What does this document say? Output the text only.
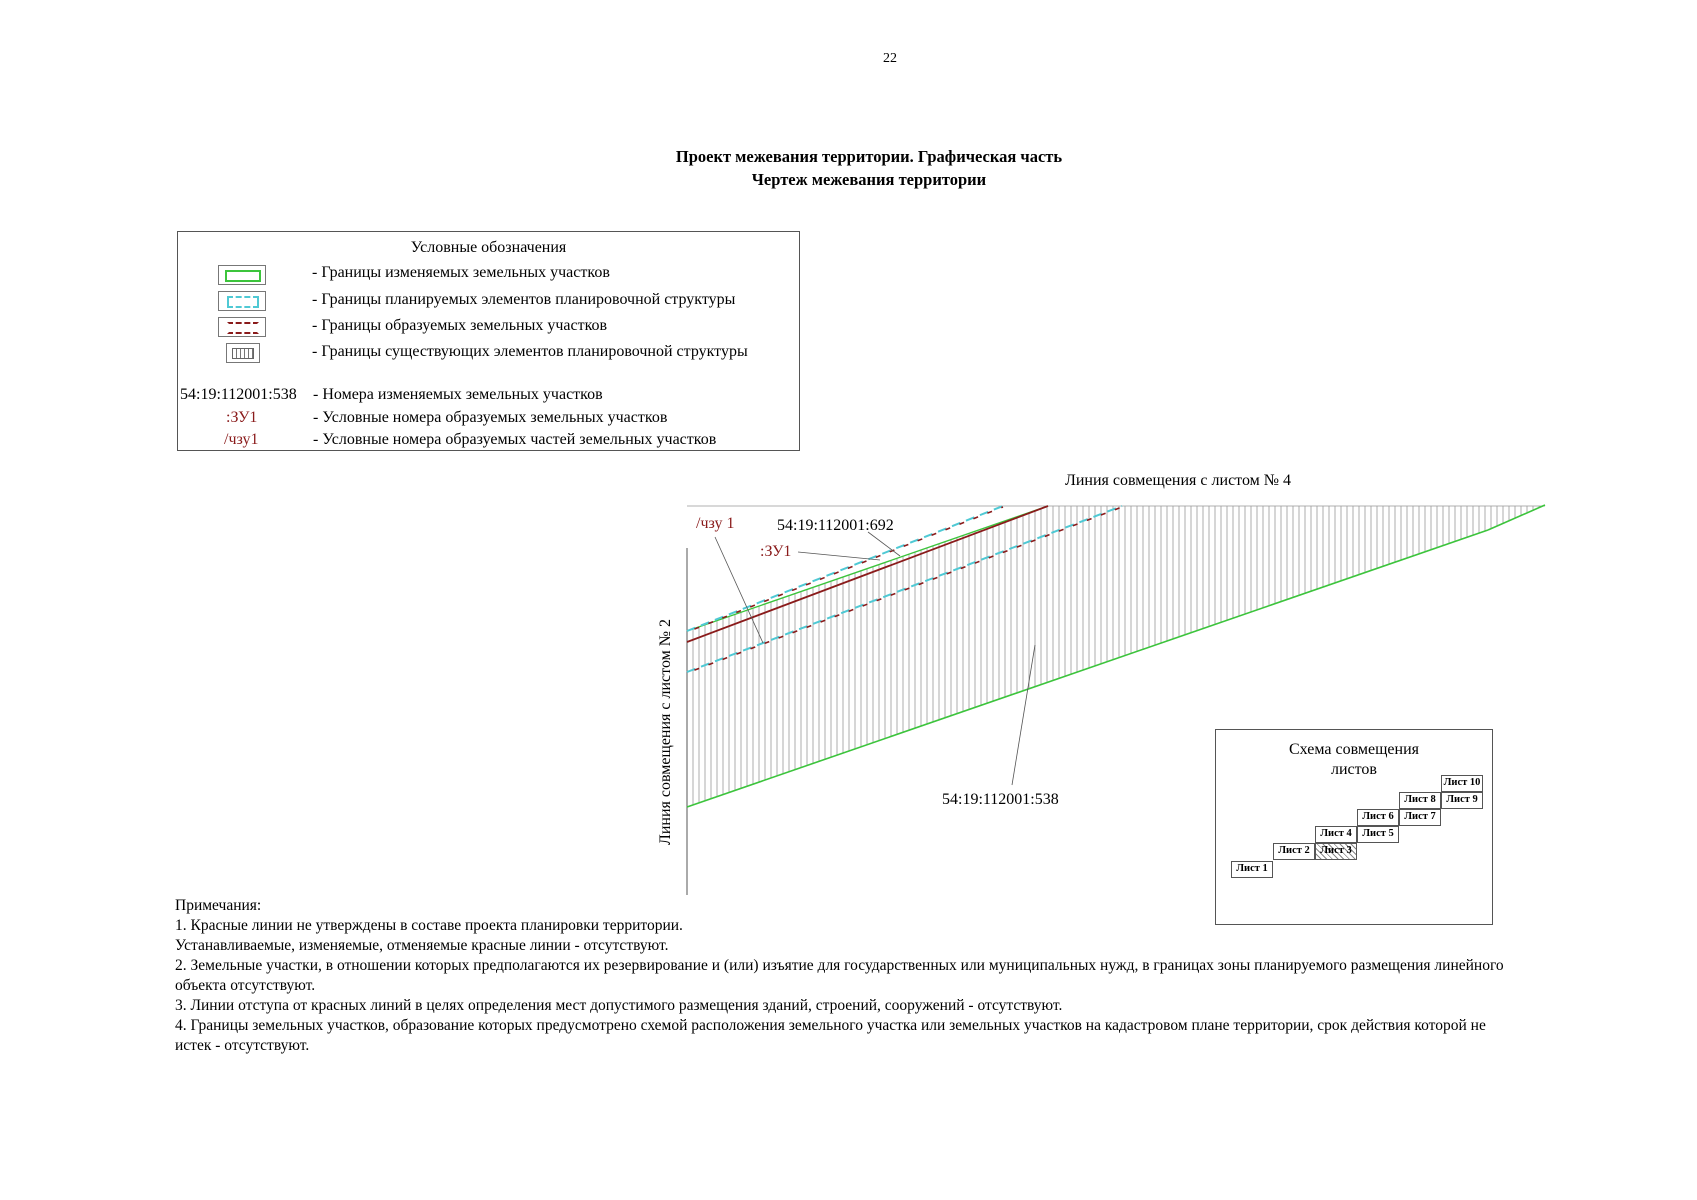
22
Проект межевания территории. Графическая часть
Чертеж межевания территории
Условные обозначения
- Границы изменяемых земельных участков
- Границы планируемых элементов планировочной структуры
- Границы образуемых земельных участков
- Границы существующих элементов планировочной структуры
54:19:112001:538 - Номера изменяемых земельных участков
:ЗУ1	- Условные номера образуемых земельных участков
/чзу1	- Условные номера образуемых частей земельных участков
Линия совмещения с листом № 4
Линия совмещения с листом № 2
/чзу 1	54:19:112001:692
:ЗУ1
54:19:112001:538
Схема совмещения
листов
Лист 1
Лист 2 Лист 3
Лист 4 Лист 5
Лист 6 Лист 7
Лист 8 Лист 9
Лист 10

Примечания:

1. Красные линии не утверждены в составе проекта планировки территории.

Устанавливаемые, изменяемые, отменяемые красные линии - отсутствуют.

2. Земельные участки, в отношении которых предполагаются их резервирование и (или) изъятие для государственных или муниципальных нужд, в границах зоны планируемого размещения линейного объекта отсутствуют.

3. Линии отступа от красных линий в целях определения мест допустимого размещения зданий, строений, сооружений - отсутствуют.

4. Границы земельных участков, образование которых предусмотрено схемой расположения земельного участка или земельных участков на кадастровом плане территории, срок действия которой не истек - отсутствуют.
